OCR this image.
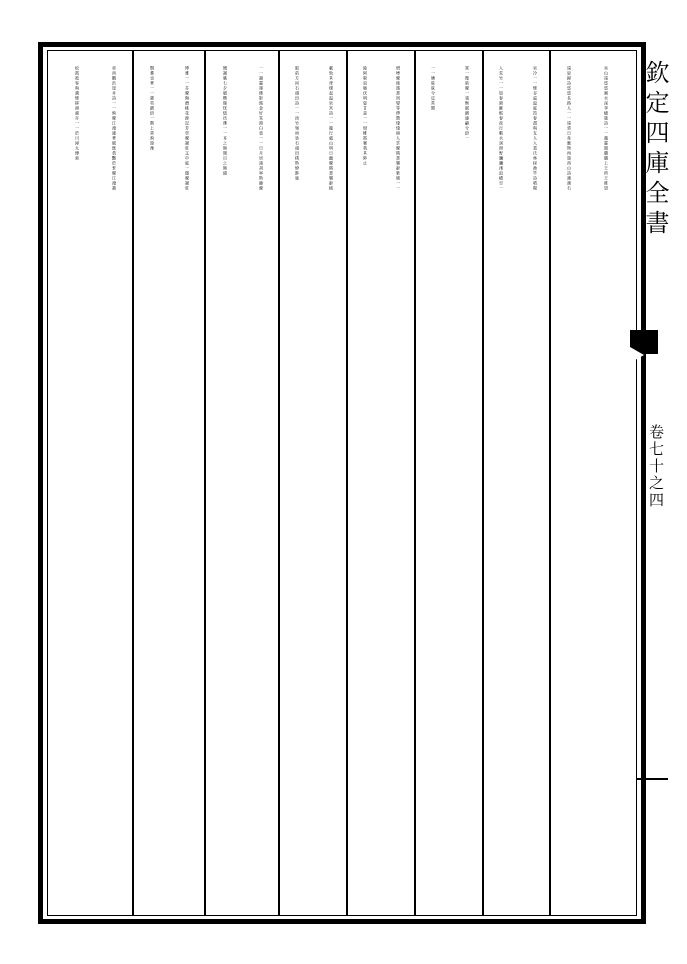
欽定四庫全書
卷七十之四
巫山遠悠悠湘水深李嶠箴詩一一蘢靈閣纖纖上王鈞王維望
遠思歸詩悠悠長路人一一遠郊日韋應物再遊西山詩測測石
泉冷一一煙谷虛温庭筠春盡與友人入裴氏林採漁竿詩晴陽
入荒竹一一如春園蘇軾春夜行蘄水詞照野瀰瀰淺浪橫空一
霄一微暗曖一張衡賦繽連翩兮紛一
一一儵眩眩兮反常閻
增堙曖後漢書周燮等傳贊悽悽碩人雲曖隋書樂辭紫壇一一
陵阿窮退韜伏明姿甘是一一紺帷霞褰我其陟止
載致其虔錢起温泉宮詩一一龍行處山明日幽曖隋書樂辭棫
駁前方回石頭田詩一一淡竹嶺雨昏石頭田樸斯燎黟廊
一一謝靈運佛影銘金好冥漠白毫一一日月居諸胡寧斯睫曖
慨謝朓七夕賦嚮像恍惚彷彿一一耳之無聞目之無績
博雅一一芬曖陶潛桃花源記芳草曖謝莊文中庭一隱曖謝莊
翳蕃也華一一雜英繽紛一階上螢飛遊豫
章西觀洪崖井詩一一映曖江淹蓮華賦既翕艷於景曖江淹蕭
松霞被容與澗煙移洲漲亦一一於川潯太傅東
